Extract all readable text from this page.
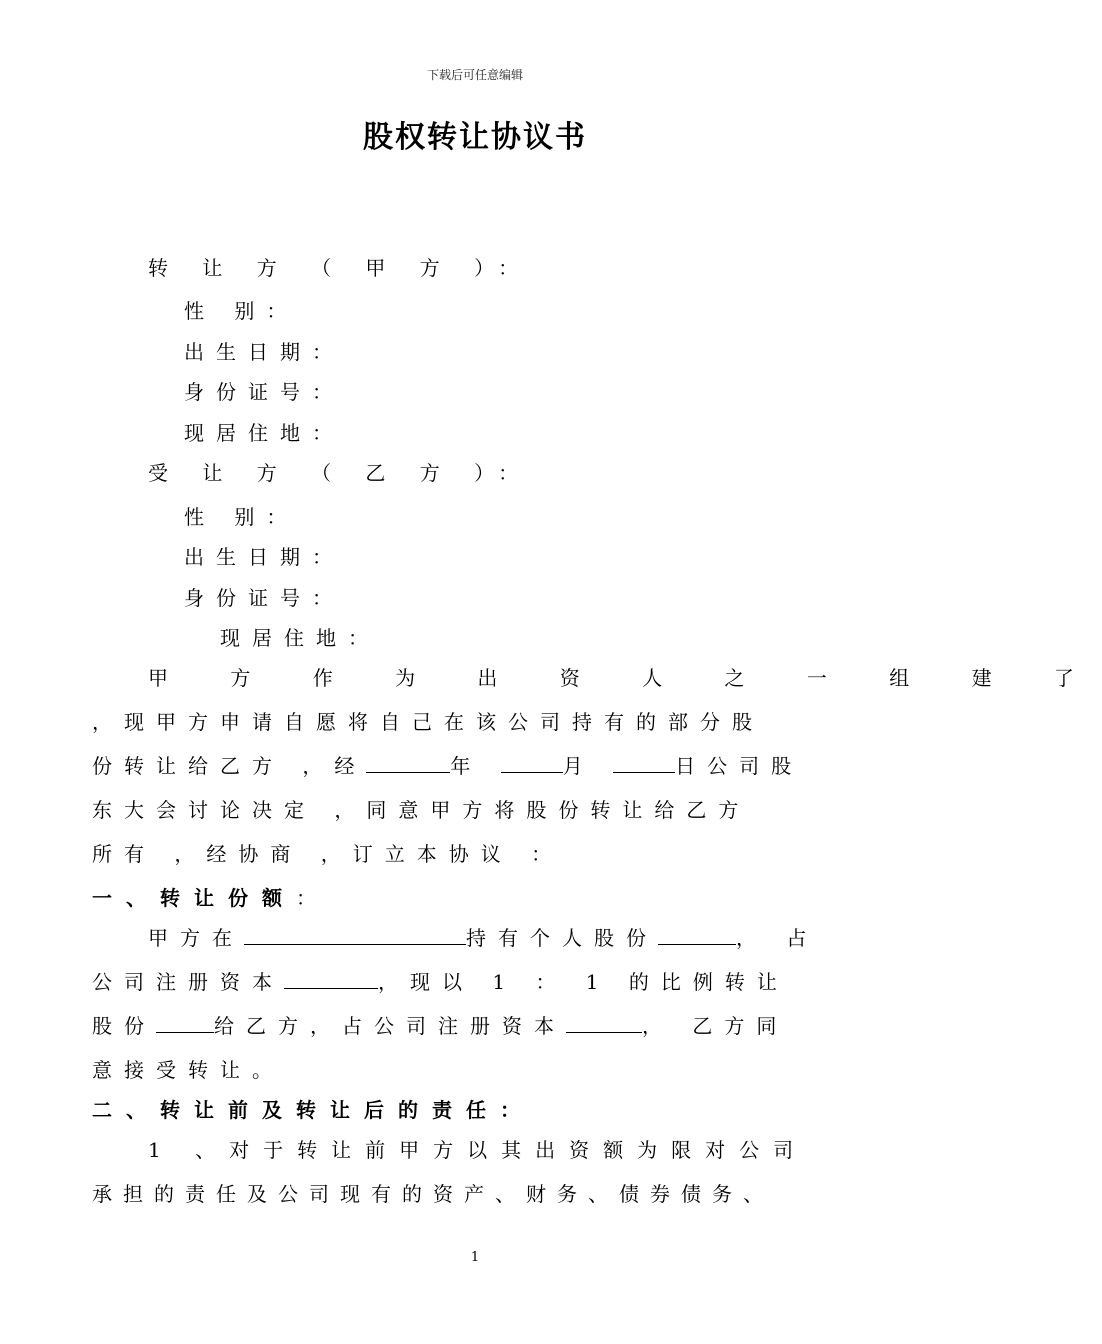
下载后可任意编辑
股权转让协议书
转 让 方 （ 甲 方 ）：
性 别：
出生日期：
身份证号：
现居住地：
受 让 方 （ 乙 方 ）：
性 别：
出生日期：
身份证号：
现居住地：
甲 方 作 为 出 资 人 之 一 组 建 了
，现甲方申请自愿将自己在该公司持有的部分股
份转让给乙方 ，经	年	月	日公司股
东大会讨论决定 ，同意甲方将股份转让给乙方
所有 ，经协商 ，订立本协议 ：
一、转让份额：
甲方在	持有个人股份	， 占
公司注册资本	，现以 1 ： 1 的比例转让
股份	给乙方，占公司注册资本	， 乙方同
意接受转让。
二、转让前及转让后的责任：
1 、对于转让前甲方以其出资额为限对公司
承担的责任及公司现有的资产、财务、债券债务、
1
